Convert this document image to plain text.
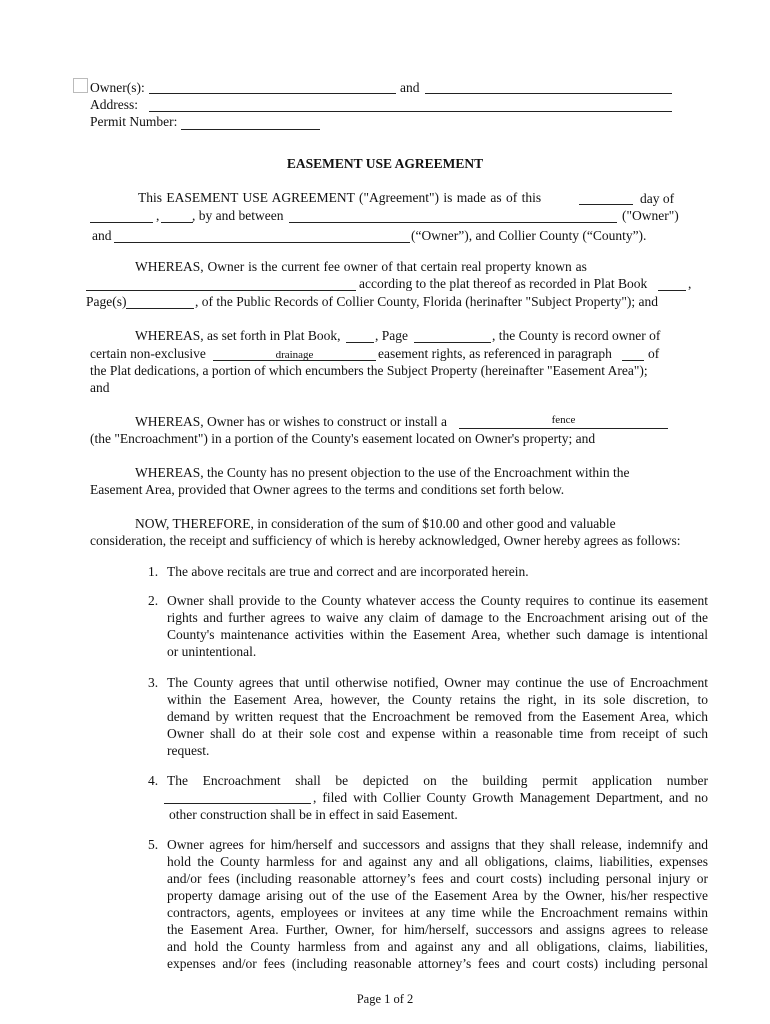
Owner(s):	and
Address:
Permit Number:
EASEMENT USE AGREEMENT
This EASEMENT USE AGREEMENT ("Agreement") is made as of this	day of
, , by and between	("Owner")
and	(“Owner”), and Collier County (“County”).
WHEREAS, Owner is the current fee owner of that certain real property known as
according to the plat thereof as recorded in Plat Book	,
Page(s)	, of the Public Records of Collier County, Florida (herinafter "Subject Property"); and
WHEREAS, as set forth in Plat Book,	, Page	, the County is record owner of
certain non-exclusive	drainage	easement rights, as referenced in paragraph	of
the Plat dedications, a portion of which encumbers the Subject Property (hereinafter "Easement Area");
and
WHEREAS, Owner has or wishes to construct or install a	fence
(the "Encroachment") in a portion of the County's easement located on Owner's property; and
WHEREAS, the County has no present objection to the use of the Encroachment within the
Easement Area, provided that Owner agrees to the terms and conditions set forth below.
NOW, THEREFORE, in consideration of the sum of $10.00 and other good and valuable
consideration, the receipt and sufficiency of which is hereby acknowledged, Owner hereby agrees as follows:
1. The above recitals are true and correct and are incorporated herein.
2. Owner shall provide to the County whatever access the County requires to continue its easement
rights and further agrees to waive any claim of damage to the Encroachment arising out of the
County's maintenance activities within the Easement Area, whether such damage is intentional
or unintentional.
3. The County agrees that until otherwise notified, Owner may continue the use of Encroachment
within the Easement Area, however, the County retains the right, in its sole discretion, to
demand by written request that the Encroachment be removed from the Easement Area, which
Owner shall do at their sole cost and expense within a reasonable time from receipt of such
request.
4. The Encroachment shall be depicted on the building permit application number
, filed with Collier County Growth Management Department, and no
other construction shall be in effect in said Easement.
5. Owner agrees for him/herself and successors and assigns that they shall release, indemnify and
hold the County harmless for and against any and all obligations, claims, liabilities, expenses
and/or fees (including reasonable attorney’s fees and court costs) including personal injury or
property damage arising out of the use of the Easement Area by the Owner, his/her respective
contractors, agents, employees or invitees at any time while the Encroachment remains within
the Easement Area. Further, Owner, for him/herself, successors and assigns agrees to release
and hold the County harmless from and against any and all obligations, claims, liabilities,
expenses and/or fees (including reasonable attorney’s fees and court costs) including personal
Page 1 of 2
